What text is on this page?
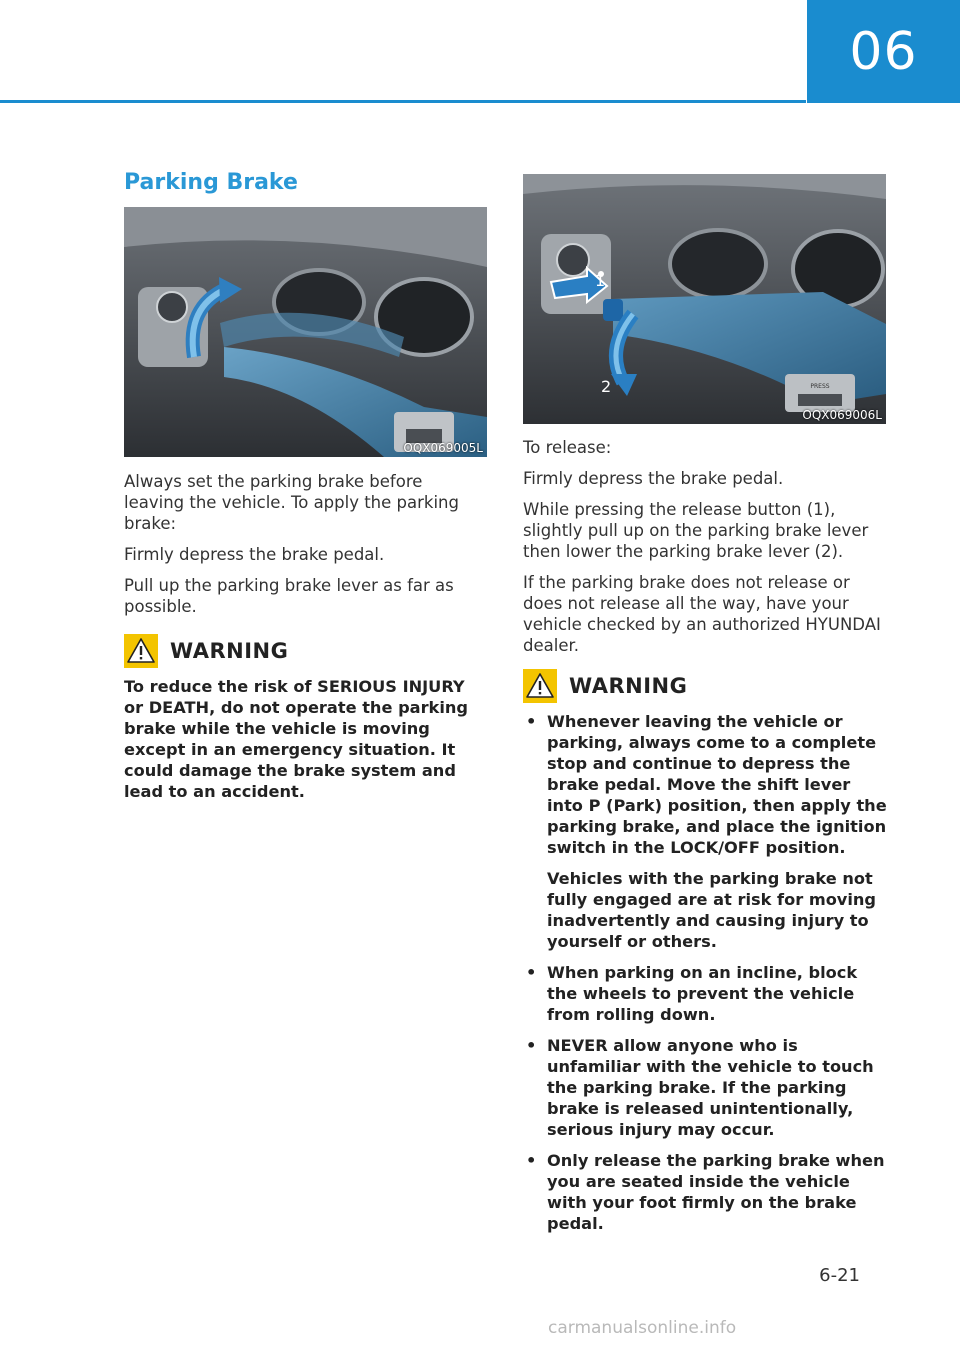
06
Parking Brake
OQX069005L
1
2	PRESS
OQX069006L

Always set the parking brake before leaving the vehicle. To apply the parking brake:

Firmly depress the brake pedal.

Pull up the parking brake lever as far as possible.

WARNING
To reduce the risk of SERIOUS INJURY or DEATH, do not operate the parking brake while the vehicle is moving except in an emergency situation. It could damage the brake system and lead to an accident.

To release:

Firmly depress the brake pedal.

While pressing the release button (1), slightly pull up on the parking brake lever then lower the parking brake lever (2).

If the parking brake does not release or does not release all the way, have your vehicle checked by an authorized HYUNDAI dealer.

WARNING

• Whenever leaving the vehicle or parking, always come to a complete stop and continue to depress the brake pedal. Move the shift lever into P (Park) position, then apply the parking brake, and place the ignition switch in the LOCK/OFF position.

Vehicles with the parking brake not fully engaged are at risk for moving inadvertently and causing injury to yourself or others.

• When parking on an incline, block the wheels to prevent the vehicle from rolling down.
• NEVER allow anyone who is unfamiliar with the vehicle to touch the parking brake. If the parking brake is released unintentionally, serious injury may occur.
• Only release the parking brake when you are seated inside the vehicle with your foot firmly on the brake pedal.
6-21
carmanualsonline.info
